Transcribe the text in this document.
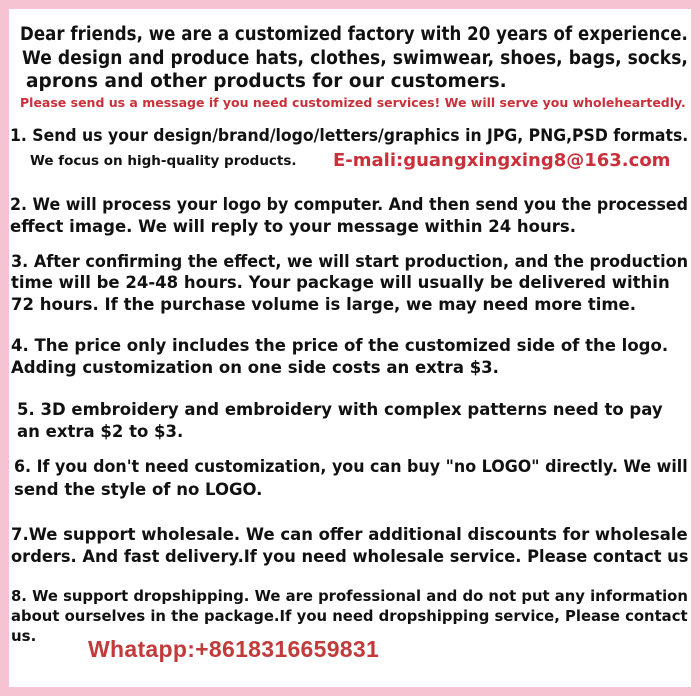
Dear friends, we are a customized factory with 20 years of experience.
We design and produce hats, clothes, swimwear, shoes, bags, socks,
aprons and other products for our customers.
Please send us a message if you need customized services! We will serve you wholeheartedly.
1. Send us your design/brand/logo/letters/graphics in JPG, PNG,PSD formats.
We focus on high-quality products. E-mali:guangxingxing8@163.com
2. We will process your logo by computer. And then send you the processed
effect image. We will reply to your message within 24 hours.
3. After confirming the effect, we will start production, and the production
time will be 24-48 hours. Your package will usually be delivered within
72 hours. If the purchase volume is large, we may need more time.
4. The price only includes the price of the customized side of the logo.
Adding customization on one side costs an extra $3.
5. 3D embroidery and embroidery with complex patterns need to pay
an extra $2 to $3.
6. If you don't need customization, you can buy "no LOGO" directly. We will
send the style of no LOGO.
7.We support wholesale. We can offer additional discounts for wholesale
orders. And fast delivery.If you need wholesale service. Please contact us
8. We support dropshipping. We are professional and do not put any information
about ourselves in the package.If you need dropshipping service, Please contact
us. Whatapp:+8618316659831
